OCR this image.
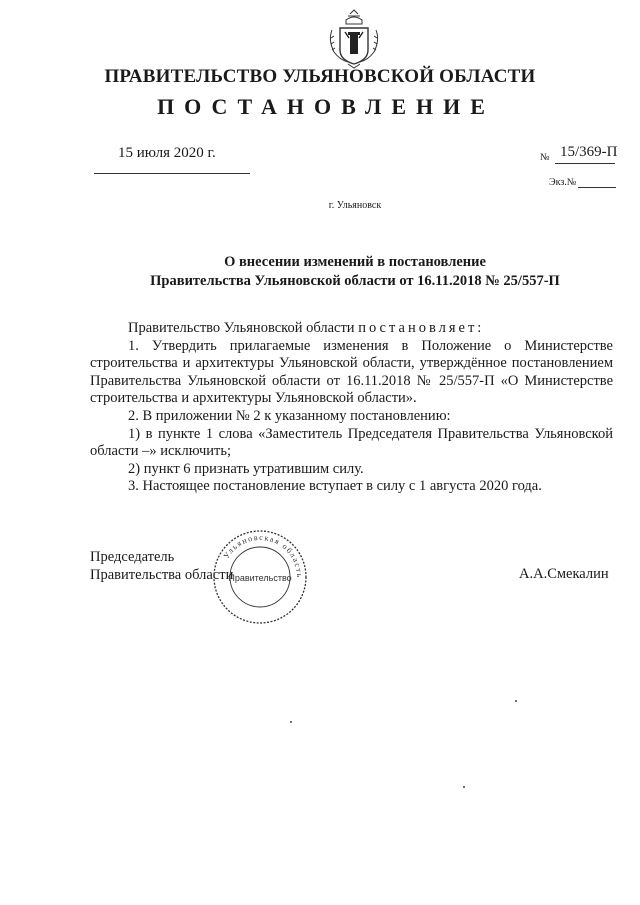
ПРАВИТЕЛЬСТВО УЛЬЯНОВСКОЙ ОБЛАСТИ
ПОСТАНОВЛЕНИЕ
15 июля 2020 г.	№ 15/369-П
Экз.№
г. Ульяновск
О внесении изменений в постановление
Правительства Ульяновской области от 16.11.2018 № 25/557-П

Правительство Ульяновской области постановляет:

1. Утвердить прилагаемые изменения в Положение о Министерстве строительства и архитектуры Ульяновской области, утверждённое постановлением Правительства Ульяновской области от 16.11.2018 № 25/557-П «О Министерстве строительства и архитектуры Ульяновской области».

2. В приложении № 2 к указанному постановлению:

1) в пункте 1 слова «Заместитель Председателя Правительства Ульяновской области –» исключить;

2) пункт 6 признать утратившим силу.

3. Настоящее постановление вступает в силу с 1 августа 2020 года.

Председатель
Правительства области	А.А.Смекалин
Ульяновская область
Правительство
